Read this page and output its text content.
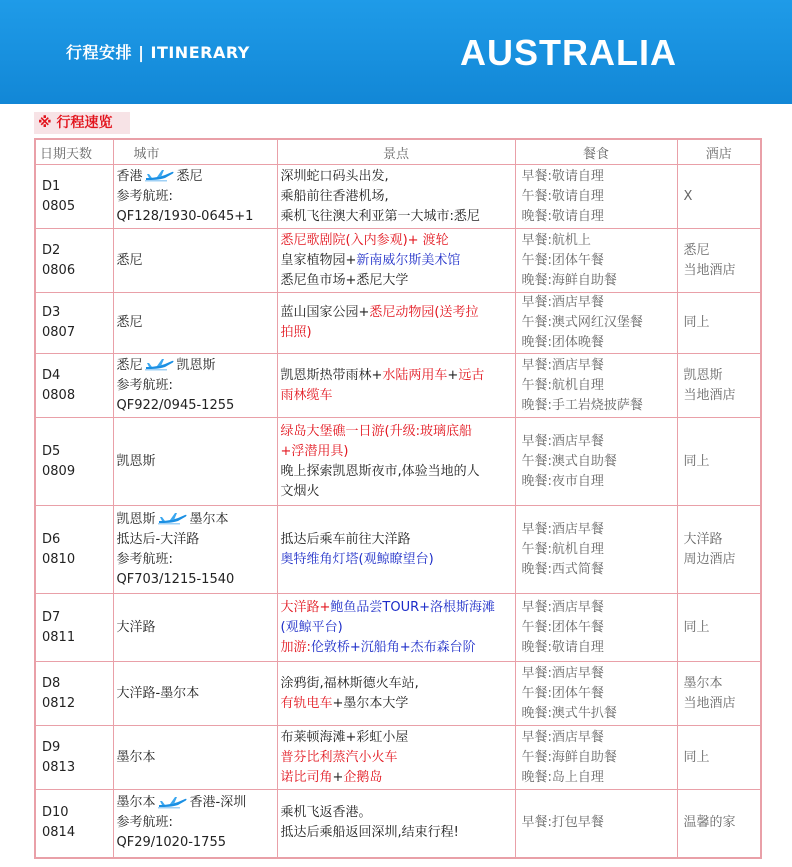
行程安排 | ITINERARY	AUSTRALIA
※ 行程速览
日期天数	城市	景点	餐食	酒店

D1
0805	香港 悉尼
参考航班:
QF128/1930-0645+1	深圳蛇口码头出发,
乘船前往香港机场,
乘机飞往澳大利亚第一大城市:悉尼	早餐:敬请自理
午餐:敬请自理
晚餐:敬请自理	X

D2
0806	悉尼	悉尼歌剧院(入内参观)+ 渡轮
皇家植物园+新南威尔斯美术馆
悉尼鱼市场+悉尼大学	早餐:航机上
午餐:团体午餐
晚餐:海鲜自助餐	悉尼
当地酒店

D3
0807	悉尼	蓝山国家公园+悉尼动物园(送考拉
拍照)	早餐:酒店早餐
午餐:澳式网红汉堡餐
晚餐:团体晚餐	同上

D4
0808	悉尼 凯恩斯
参考航班:
QF922/0945-1255	凯恩斯热带雨林+水陆两用车+远古
雨林缆车	早餐:酒店早餐
午餐:航机自理
晚餐:手工岩烧披萨餐	凯恩斯
当地酒店

D5
0809	凯恩斯	绿岛大堡礁一日游(升级:玻璃底船
+浮潜用具)
晚上探索凯恩斯夜市,体验当地的人
文烟火	早餐:酒店早餐
午餐:澳式自助餐
晚餐:夜市自理	同上

D6
0810	凯恩斯 墨尔本
抵达后-大洋路
参考航班:
QF703/1215-1540	抵达后乘车前往大洋路
奥特维角灯塔(观鲸瞭望台)	早餐:酒店早餐
午餐:航机自理
晚餐:西式简餐	大洋路
周边酒店

D7
0811	大洋路	大洋路+鲍鱼品尝TOUR+洛根斯海滩
(观鲸平台)
加游:伦敦桥+沉船角+杰布森台阶	早餐:酒店早餐
午餐:团体午餐
晚餐:敬请自理	同上

D8
0812	大洋路-墨尔本	涂鸦街,福林斯德火车站,
有轨电车+墨尔本大学	早餐:酒店早餐
午餐:团体午餐
晚餐:澳式牛扒餐	墨尔本
当地酒店

D9
0813	墨尔本	布莱顿海滩+彩虹小屋
普芬比利蒸汽小火车
诺比司角+企鹅岛	早餐:酒店早餐
午餐:海鲜自助餐
晚餐:岛上自理	同上

D10
0814	墨尔本 香港-深圳
参考航班:
QF29/1020-1755	乘机飞返香港。
抵达后乘船返回深圳,结束行程!	早餐:打包早餐	温馨的家
